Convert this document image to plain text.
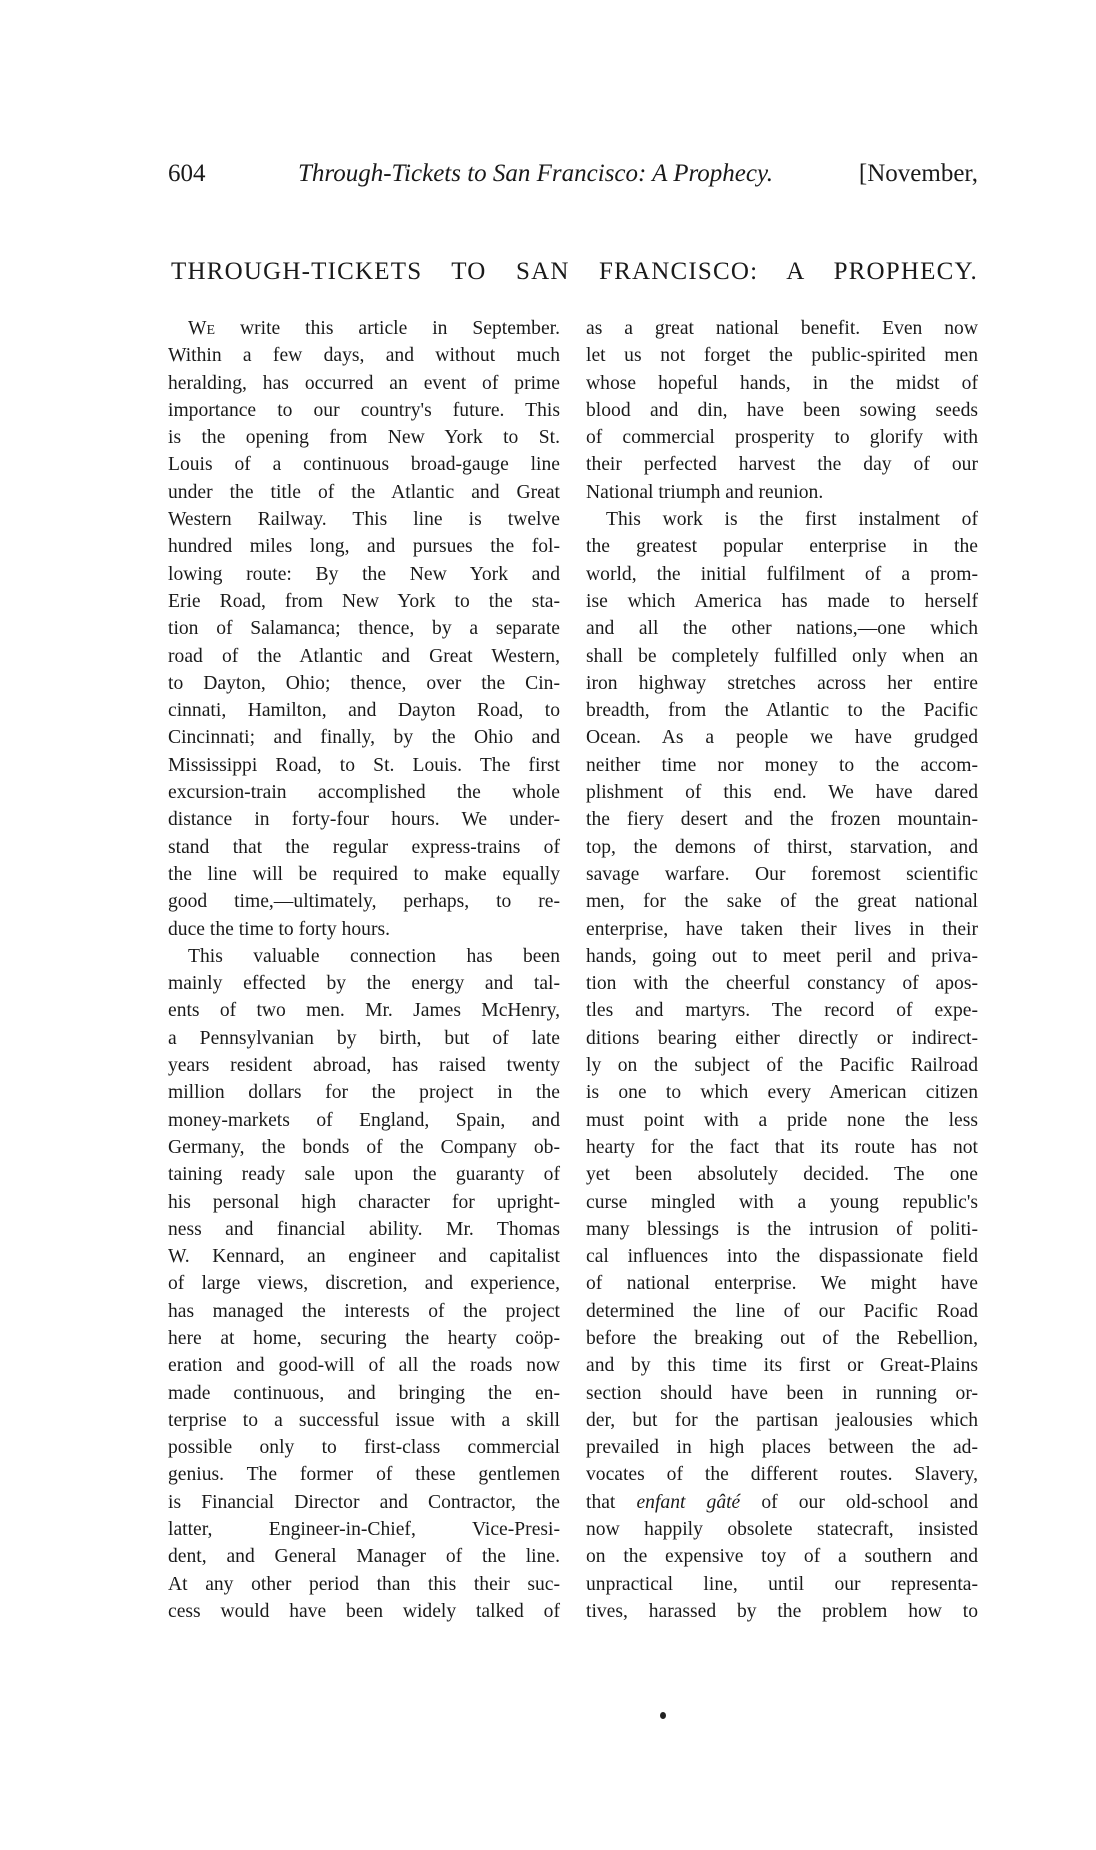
604	Through-Tickets to San Francisco: A Prophecy.	[November,
THROUGH-TICKETS TO SAN FRANCISCO: A PROPHECY.
We write this article in September.
Within a few days, and without much
heralding, has occurred an event of prime
importance to our country's future. This
is the opening from New York to St.
Louis of a continuous broad-gauge line
under the title of the Atlantic and Great
Western Railway. This line is twelve
hundred miles long, and pursues the fol-
lowing route: By the New York and
Erie Road, from New York to the sta-
tion of Salamanca; thence, by a separate
road of the Atlantic and Great Western,
to Dayton, Ohio; thence, over the Cin-
cinnati, Hamilton, and Dayton Road, to
Cincinnati; and finally, by the Ohio and
Mississippi Road, to St. Louis. The first
excursion-train accomplished the whole
distance in forty-four hours. We under-
stand that the regular express-trains of
the line will be required to make equally
good time,—ultimately, perhaps, to re-
duce the time to forty hours.
This valuable connection has been
mainly effected by the energy and tal-
ents of two men. Mr. James McHenry,
a Pennsylvanian by birth, but of late
years resident abroad, has raised twenty
million dollars for the project in the
money-markets of England, Spain, and
Germany, the bonds of the Company ob-
taining ready sale upon the guaranty of
his personal high character for upright-
ness and financial ability. Mr. Thomas
W. Kennard, an engineer and capitalist
of large views, discretion, and experience,
has managed the interests of the project
here at home, securing the hearty coöp-
eration and good-will of all the roads now
made continuous, and bringing the en-
terprise to a successful issue with a skill
possible only to first-class commercial
genius. The former of these gentlemen
is Financial Director and Contractor, the
latter, Engineer-in-Chief, Vice-Presi-
dent, and General Manager of the line.
At any other period than this their suc-
cess would have been widely talked of
as a great national benefit. Even now
let us not forget the public-spirited men
whose hopeful hands, in the midst of
blood and din, have been sowing seeds
of commercial prosperity to glorify with
their perfected harvest the day of our
National triumph and reunion.
This work is the first instalment of
the greatest popular enterprise in the
world, the initial fulfilment of a prom-
ise which America has made to herself
and all the other nations,—one which
shall be completely fulfilled only when an
iron highway stretches across her entire
breadth, from the Atlantic to the Pacific
Ocean. As a people we have grudged
neither time nor money to the accom-
plishment of this end. We have dared
the fiery desert and the frozen mountain-
top, the demons of thirst, starvation, and
savage warfare. Our foremost scientific
men, for the sake of the great national
enterprise, have taken their lives in their
hands, going out to meet peril and priva-
tion with the cheerful constancy of apos-
tles and martyrs. The record of expe-
ditions bearing either directly or indirect-
ly on the subject of the Pacific Railroad
is one to which every American citizen
must point with a pride none the less
hearty for the fact that its route has not
yet been absolutely decided. The one
curse mingled with a young republic's
many blessings is the intrusion of politi-
cal influences into the dispassionate field
of national enterprise. We might have
determined the line of our Pacific Road
before the breaking out of the Rebellion,
and by this time its first or Great-Plains
section should have been in running or-
der, but for the partisan jealousies which
prevailed in high places between the ad-
vocates of the different routes. Slavery,
that enfant gâté of our old-school and
now happily obsolete statecraft, insisted
on the expensive toy of a southern and
unpractical line, until our representa-
tives, harassed by the problem how to
